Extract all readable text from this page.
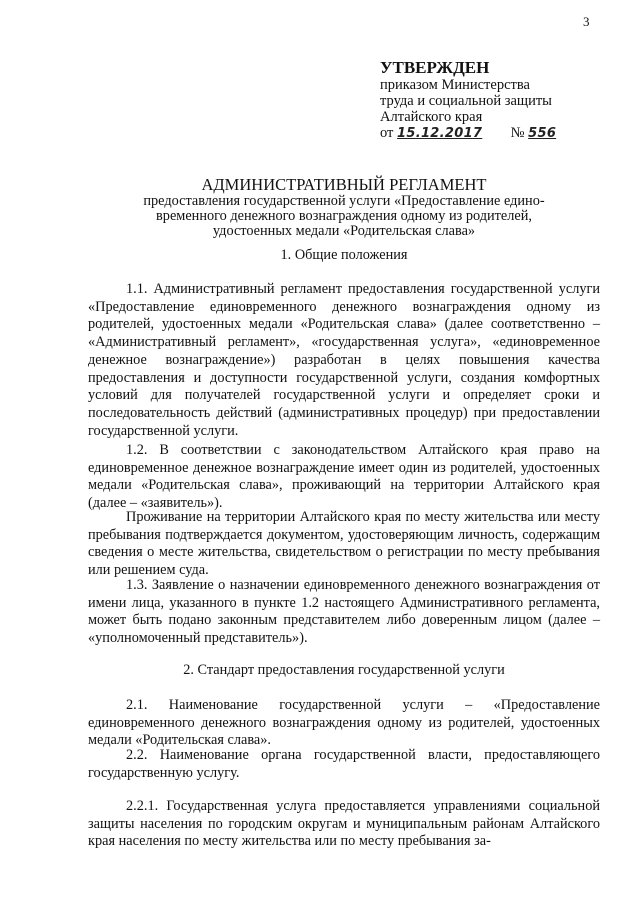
3
УТВЕРЖДЕН
приказом Министерства
труда и социальной защиты
Алтайского края
от 15.12.2017 № 556
АДМИНИСТРАТИВНЫЙ РЕГЛАМЕНТ
предоставления государственной услуги «Предоставление едино-
временного денежного вознаграждения одному из родителей,
удостоенных медали «Родительская слава»
1. Общие положения
1.1. Административный регламент предоставления государственной услуги «Предоставление единовременного денежного вознаграждения одному из родителей, удостоенных медали «Родительская слава» (далее соответственно – «Административный регламент», «государственная услуга», «единовременное денежное вознаграждение») разработан в целях повышения качества предоставления и доступности государственной услуги, создания комфортных условий для получателей государственной услуги и определяет сроки и последовательность действий (административных процедур) при предоставлении государственной услуги.
1.2. В соответствии с законодательством Алтайского края право на единовременное денежное вознаграждение имеет один из родителей, удостоенных медали «Родительская слава», проживающий на территории Алтайского края (далее – «заявитель»).
Проживание на территории Алтайского края по месту жительства или месту пребывания подтверждается документом, удостоверяющим личность, содержащим сведения о месте жительства, свидетельством о регистрации по месту пребывания или решением суда.
1.3. Заявление о назначении единовременного денежного вознаграждения от имени лица, указанного в пункте 1.2 настоящего Административного регламента, может быть подано законным представителем либо доверенным лицом (далее – «уполномоченный представитель»).
2. Стандарт предоставления государственной услуги
2.1. Наименование государственной услуги – «Предоставление единовременного денежного вознаграждения одному из родителей, удостоенных медали «Родительская слава».
2.2. Наименование органа государственной власти, предоставляющего государственную услугу.
2.2.1. Государственная услуга предоставляется управлениями социальной защиты населения по городским округам и муниципальным районам Алтайского края населения по месту жительства или по месту пребывания за-
